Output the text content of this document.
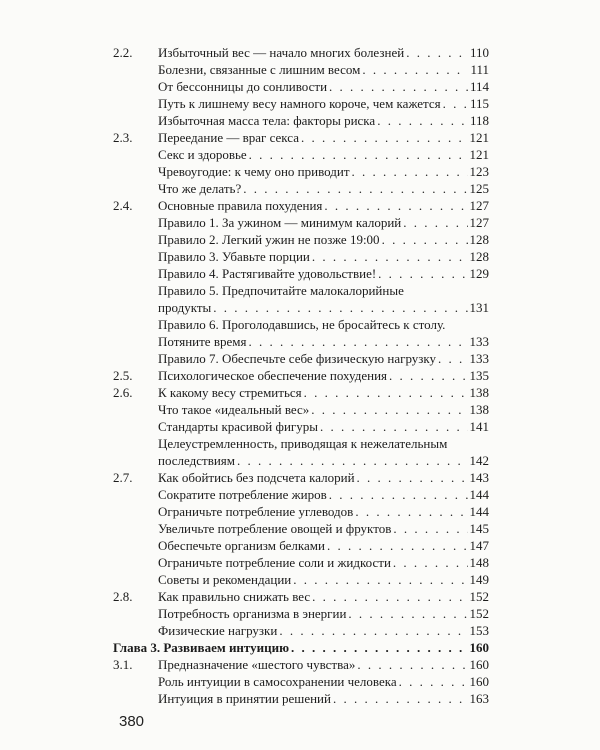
2.2. Избыточный вес — начало многих болезней . . .	110
Болезни, связанные с лишним весом . . .	111
От бессонницы до сонливости . . .	114
Путь к лишнему весу намного короче, чем кажется . . . 115
Избыточная масса тела: факторы риска . . .	118
2.3. Переедание — враг секса . . .	121
Секс и здоровье . . .	121
Чревоугодие: к чему оно приводит . . .	123
Что же делать? . . .	125
2.4. Основные правила похудения . . .	127
Правило 1. За ужином — минимум калорий . . .	127
Правило 2. Легкий ужин не позже 19:00 . . .	128
Правило 3. Убавьте порции . . .	128
Правило 4. Растягивайте удовольствие! . . .	129
Правило 5. Предпочитайте малокалорийные
продукты . . .	131
Правило 6. Проголодавшись, не бросайтесь к столу.
Потяните время . . .	133
Правило 7. Обеспечьте себе физическую нагрузку . . .	133
2.5. Психологическое обеспечение похудения . . .	135
2.6. К какому весу стремиться . . .	138
Что такое «идеальный вес» . . .	138
Стандарты красивой фигуры . . .	141
Целеустремленность, приводящая к нежелательным
последствиям . . .	142
2.7. Как обойтись без подсчета калорий . . .	143
Сократите потребление жиров . . .	144
Ограничьте потребление углеводов . . .	144
Увеличьте потребление овощей и фруктов . . .	145
Обеспечьте организм белками . . .	147
Ограничьте потребление соли и жидкости . . .	148
Советы и рекомендации . . .	149
2.8. Как правильно снижать вес . . .	152
Потребность организма в энергии . . .	152
Физические нагрузки . . .	153
Глава 3. Развиваем интуицию . . .	160
3.1. Предназначение «шестого чувства» . . .	160
Роль интуиции в самосохранении человека . . .	160
Интуиция в принятии решений . . .	163
380
